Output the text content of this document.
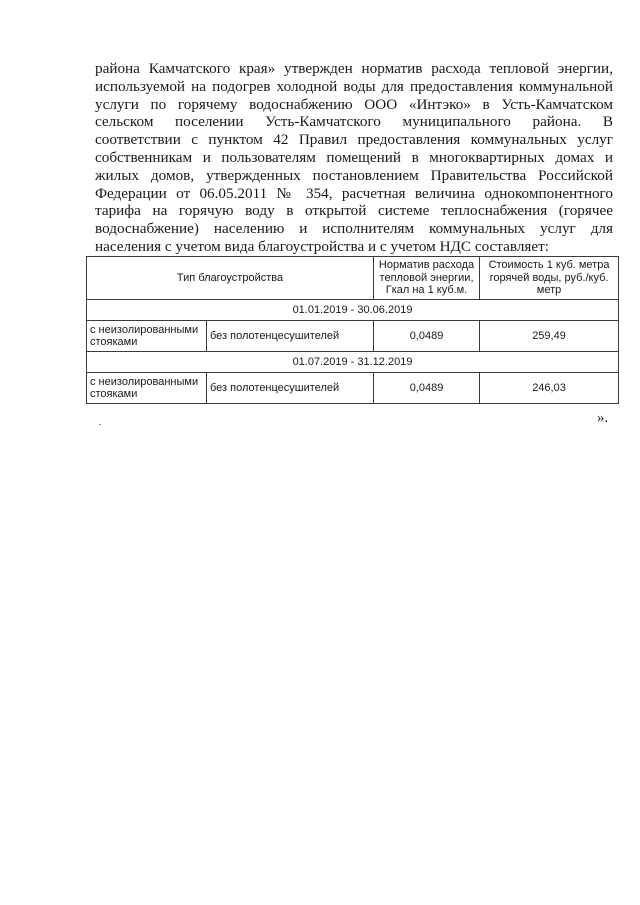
района Камчатского края» утвержден норматив расхода тепловой энергии, используемой на подогрев холодной воды для предоставления коммунальной услуги по горячему водоснабжению ООО «Интэко» в Усть-Камчатском сельском поселении Усть-Камчатского муниципального района. В соответствии с пунктом 42 Правил предоставления коммунальных услуг собственникам и пользователям помещений в многоквартирных домах и жилых домов, утвержденных постановлением Правительства Российской Федерации от 06.05.2011 № 354, расчетная величина однокомпонентного тарифа на горячую воду в открытой системе теплоснабжения (горячее водоснабжение) населению и исполнителям коммунальных услуг для населения с учетом вида благоустройства и с учетом НДС составляет:
Тип благоустройства		Норматив расхода тепловой энергии, Гкал на 1 куб.м.	Стоимость 1 куб. метра горячей воды, руб./куб. метр
01.01.2019 - 30.06.2019			
с неизолированными стояками	без полотенцесушителей	0,0489	259,49
01.07.2019 - 31.12.2019			
с неизолированными стояками	без полотенцесушителей	0,0489	246,03
».
